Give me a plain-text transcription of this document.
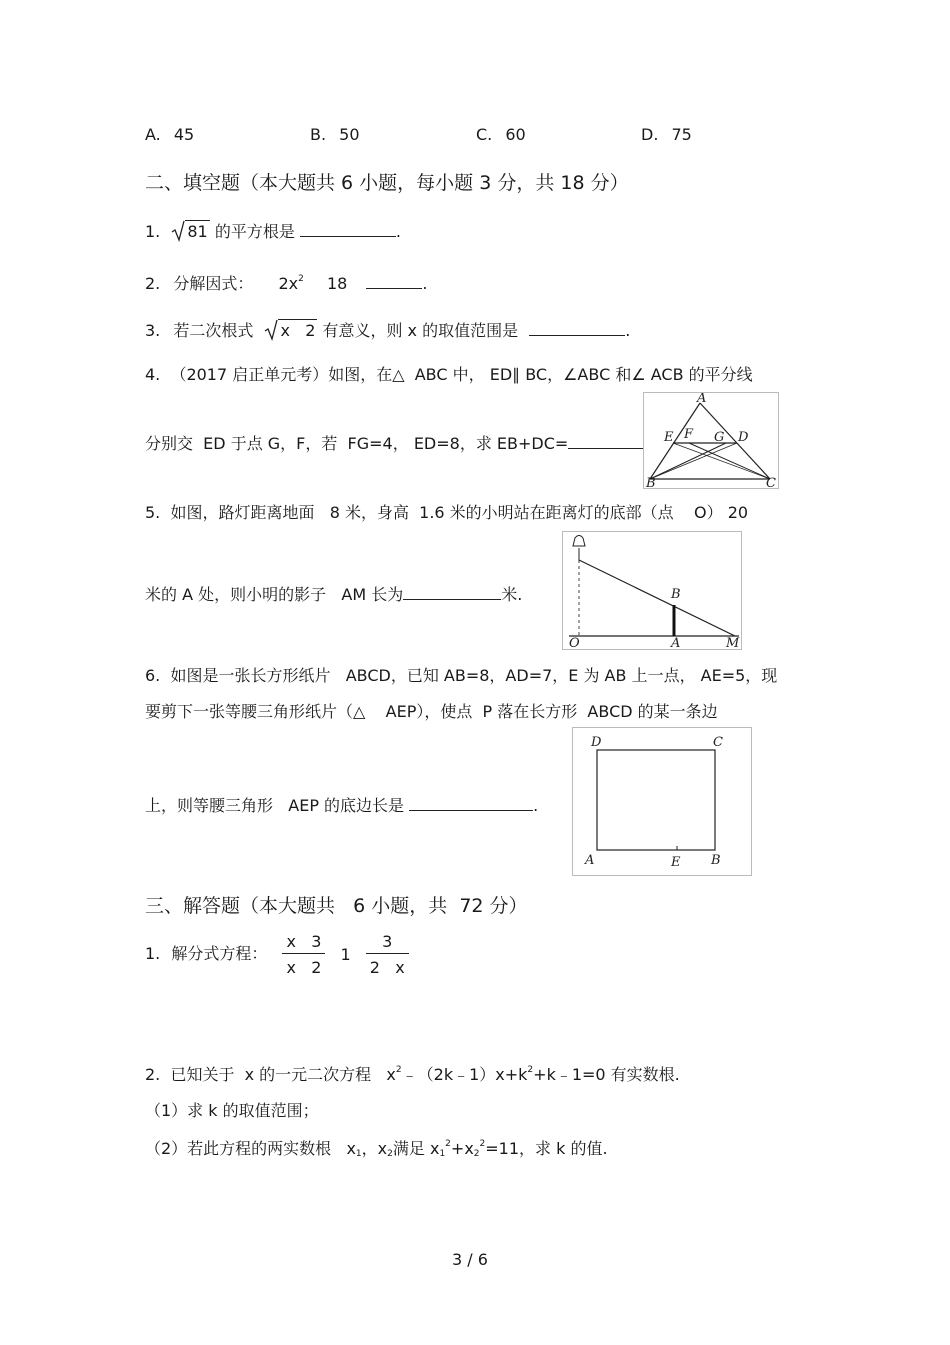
A. 45	B. 50	C. 60	D. 75
二、填空题（本大题共 6 小题，每小题 3 分，共 18 分）
1. 81 的平方根是	.
2. 分解因式： $2x^2$ 18	.
3. 若二次根式 x   2 有意义，则 x 的取值范围是	.
4. （2017 启正单元考）如图，在△  ABC 中， ED∥ BC，∠ABC 和∠ ACB 的平分线
分别交  ED 于点 G，F，若  FG=4， ED=8，求 EB+DC=
A
E F G D
B	C
5. 如图，路灯距离地面   8 米，身高  1.6 米的小明站在距离灯的底部（点    O） 20
米的 A 处，则小明的影子   AM 长为	米.
O	A
B
M
6. 如图是一张长方形纸片   ABCD，已知 AB=8，AD=7，E 为 AB 上一点， AE=5，现
要剪下一张等腰三角形纸片（△    AEP），使点  P 落在长方形  ABCD 的某一条边
上，则等腰三角形   AEP 的底边长是	.
D	C
A	E B
三、解答题（本大题共   6 小题，共  72 分）
1. 解分式方程： $\frac{x 3}{x 2} 1 \frac{3}{2 x}$
2. 已知关于  x 的一元二次方程   $x^2﹣(2k﹣1)x+k^2+k﹣1=0$ 有实数根.
（1）求 k 的取值范围；
（2）若此方程的两实数根   $x_1$，$x_2$满足 $x_1^2+x_2^2=11$，求 k 的值.
3 / 6
